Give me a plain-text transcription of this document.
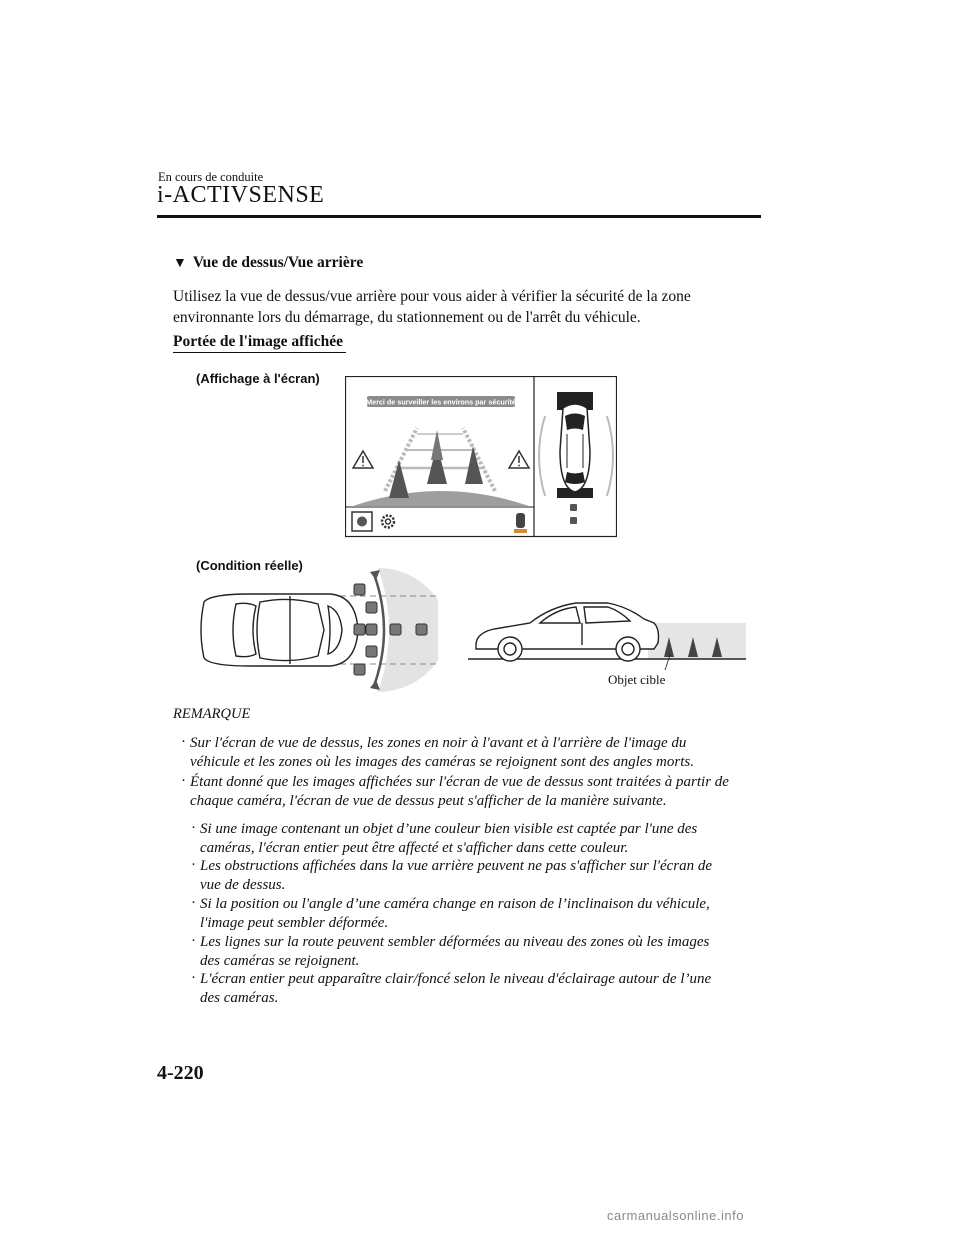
En cours de conduite
i-ACTIVSENSE
▼ Vue de dessus/Vue arrière
Utilisez la vue de dessus/vue arrière pour vous aider à vérifier la sécurité de la zone
environnante lors du démarrage, du stationnement ou de l'arrêt du véhicule.
Portée de l'image affichée
(Affichage à l'écran)
(Condition réelle)
Merci de surveiller les environs par sécurité
Objet cible
REMARQUE
· Sur l'écran de vue de dessus, les zones en noir à l'avant et à l'arrière de l'image du
véhicule et les zones où les images des caméras se rejoignent sont des angles morts.
· Étant donné que les images affichées sur l'écran de vue de dessus sont traitées à partir de
chaque caméra, l'écran de vue de dessus peut s'afficher de la manière suivante.
· Si une image contenant un objet d’une couleur bien visible est captée par l'une des
caméras, l'écran entier peut être affecté et s'afficher dans cette couleur.
· Les obstructions affichées dans la vue arrière peuvent ne pas s'afficher sur l'écran de
vue de dessus.
· Si la position ou l'angle d’une caméra change en raison de l’inclinaison du véhicule,
l'image peut sembler déformée.
· Les lignes sur la route peuvent sembler déformées au niveau des zones où les images
des caméras se rejoignent.
· L'écran entier peut apparaître clair/foncé selon le niveau d'éclairage autour de l’une
des caméras.
4-220
carmanualsonline.info
